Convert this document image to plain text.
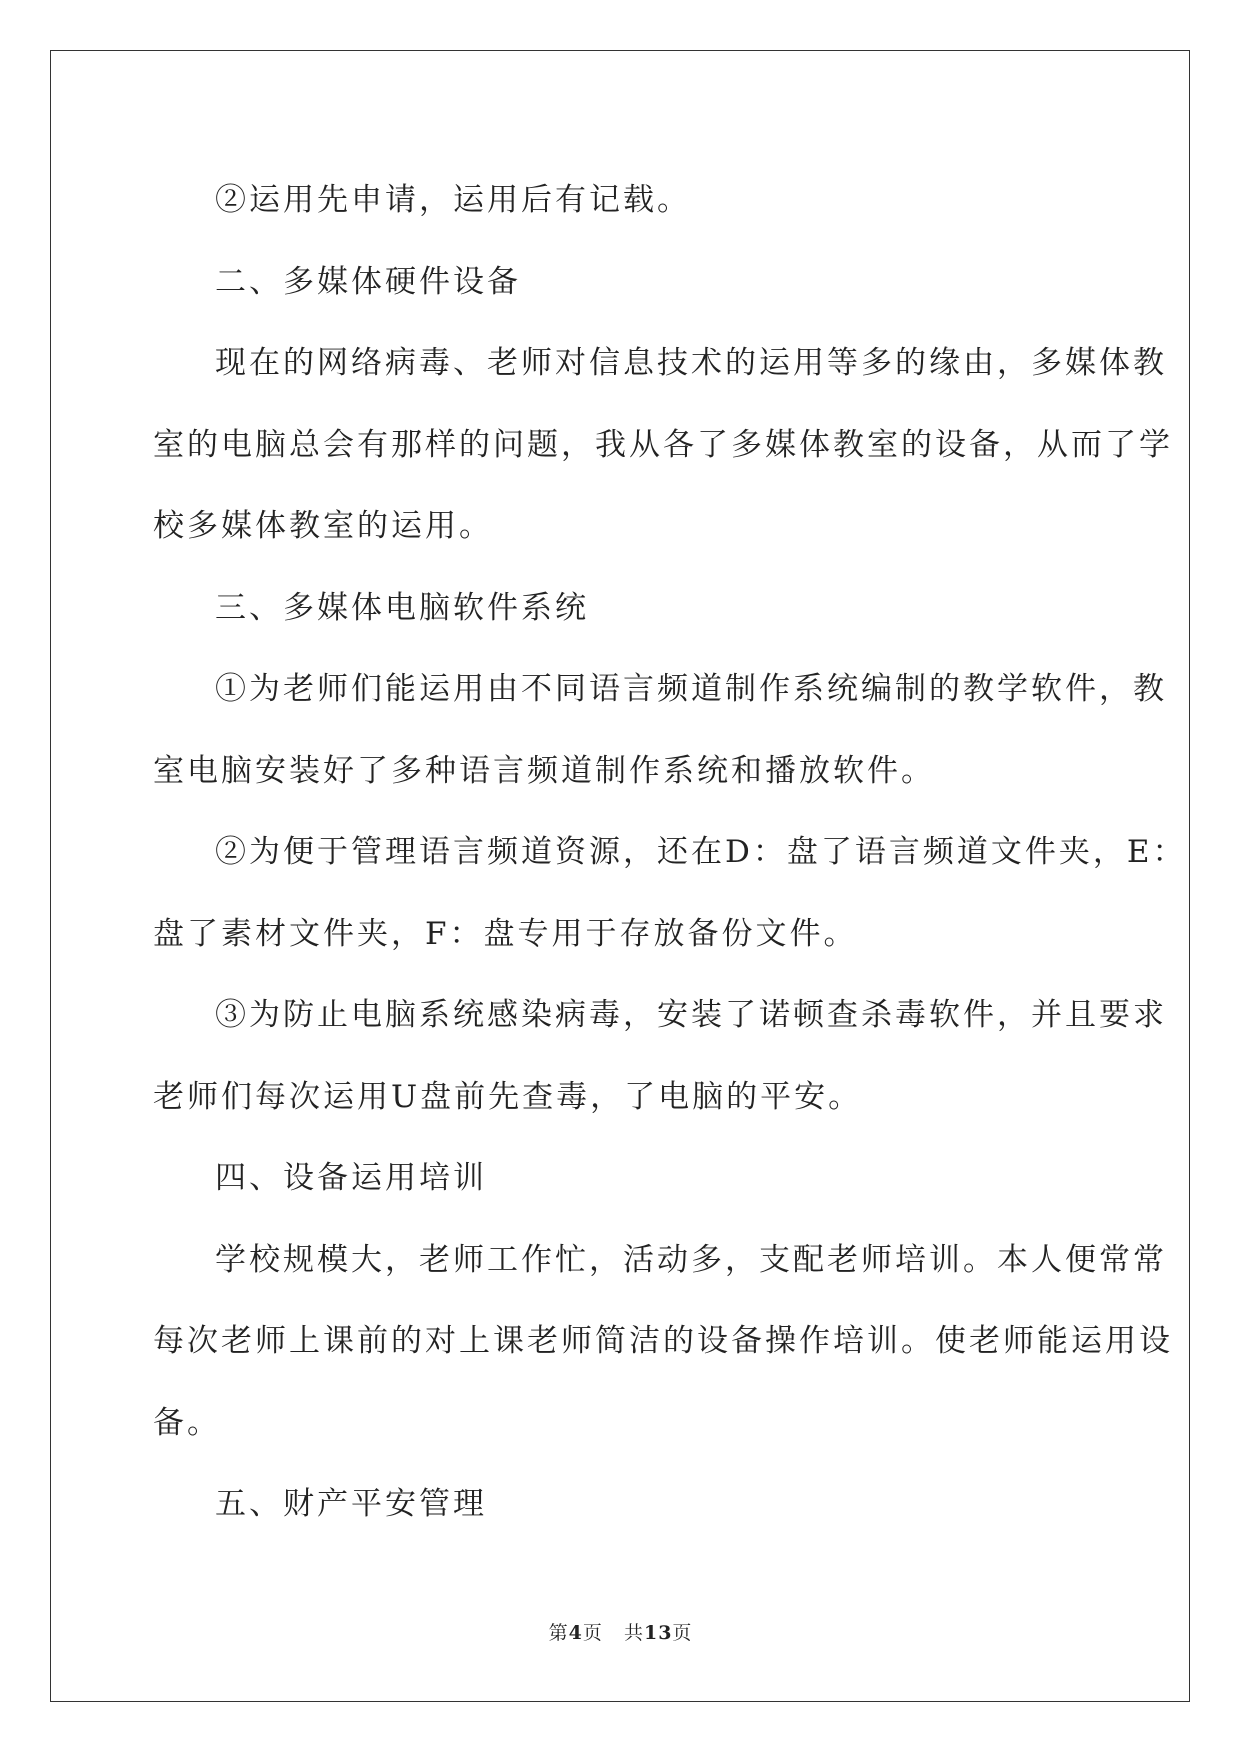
②运用先申请，运用后有记载。

二、多媒体硬件设备

现在的网络病毒、老师对信息技术的运用等多的缘由，多媒体教

室的电脑总会有那样的问题，我从各了多媒体教室的设备，从而了学

校多媒体教室的运用。

三、多媒体电脑软件系统

①为老师们能运用由不同语言频道制作系统编制的教学软件，教

室电脑安装好了多种语言频道制作系统和播放软件。

②为便于管理语言频道资源，还在D：盘了语言频道文件夹，E：

盘了素材文件夹，F：盘专用于存放备份文件。

③为防止电脑系统感染病毒，安装了诺顿查杀毒软件，并且要求

老师们每次运用U盘前先查毒，了电脑的平安。

四、设备运用培训

学校规模大，老师工作忙，活动多，支配老师培训。本人便常常

每次老师上课前的对上课老师简洁的设备操作培训。使老师能运用设

备。

五、财产平安管理

第4页 共13页
